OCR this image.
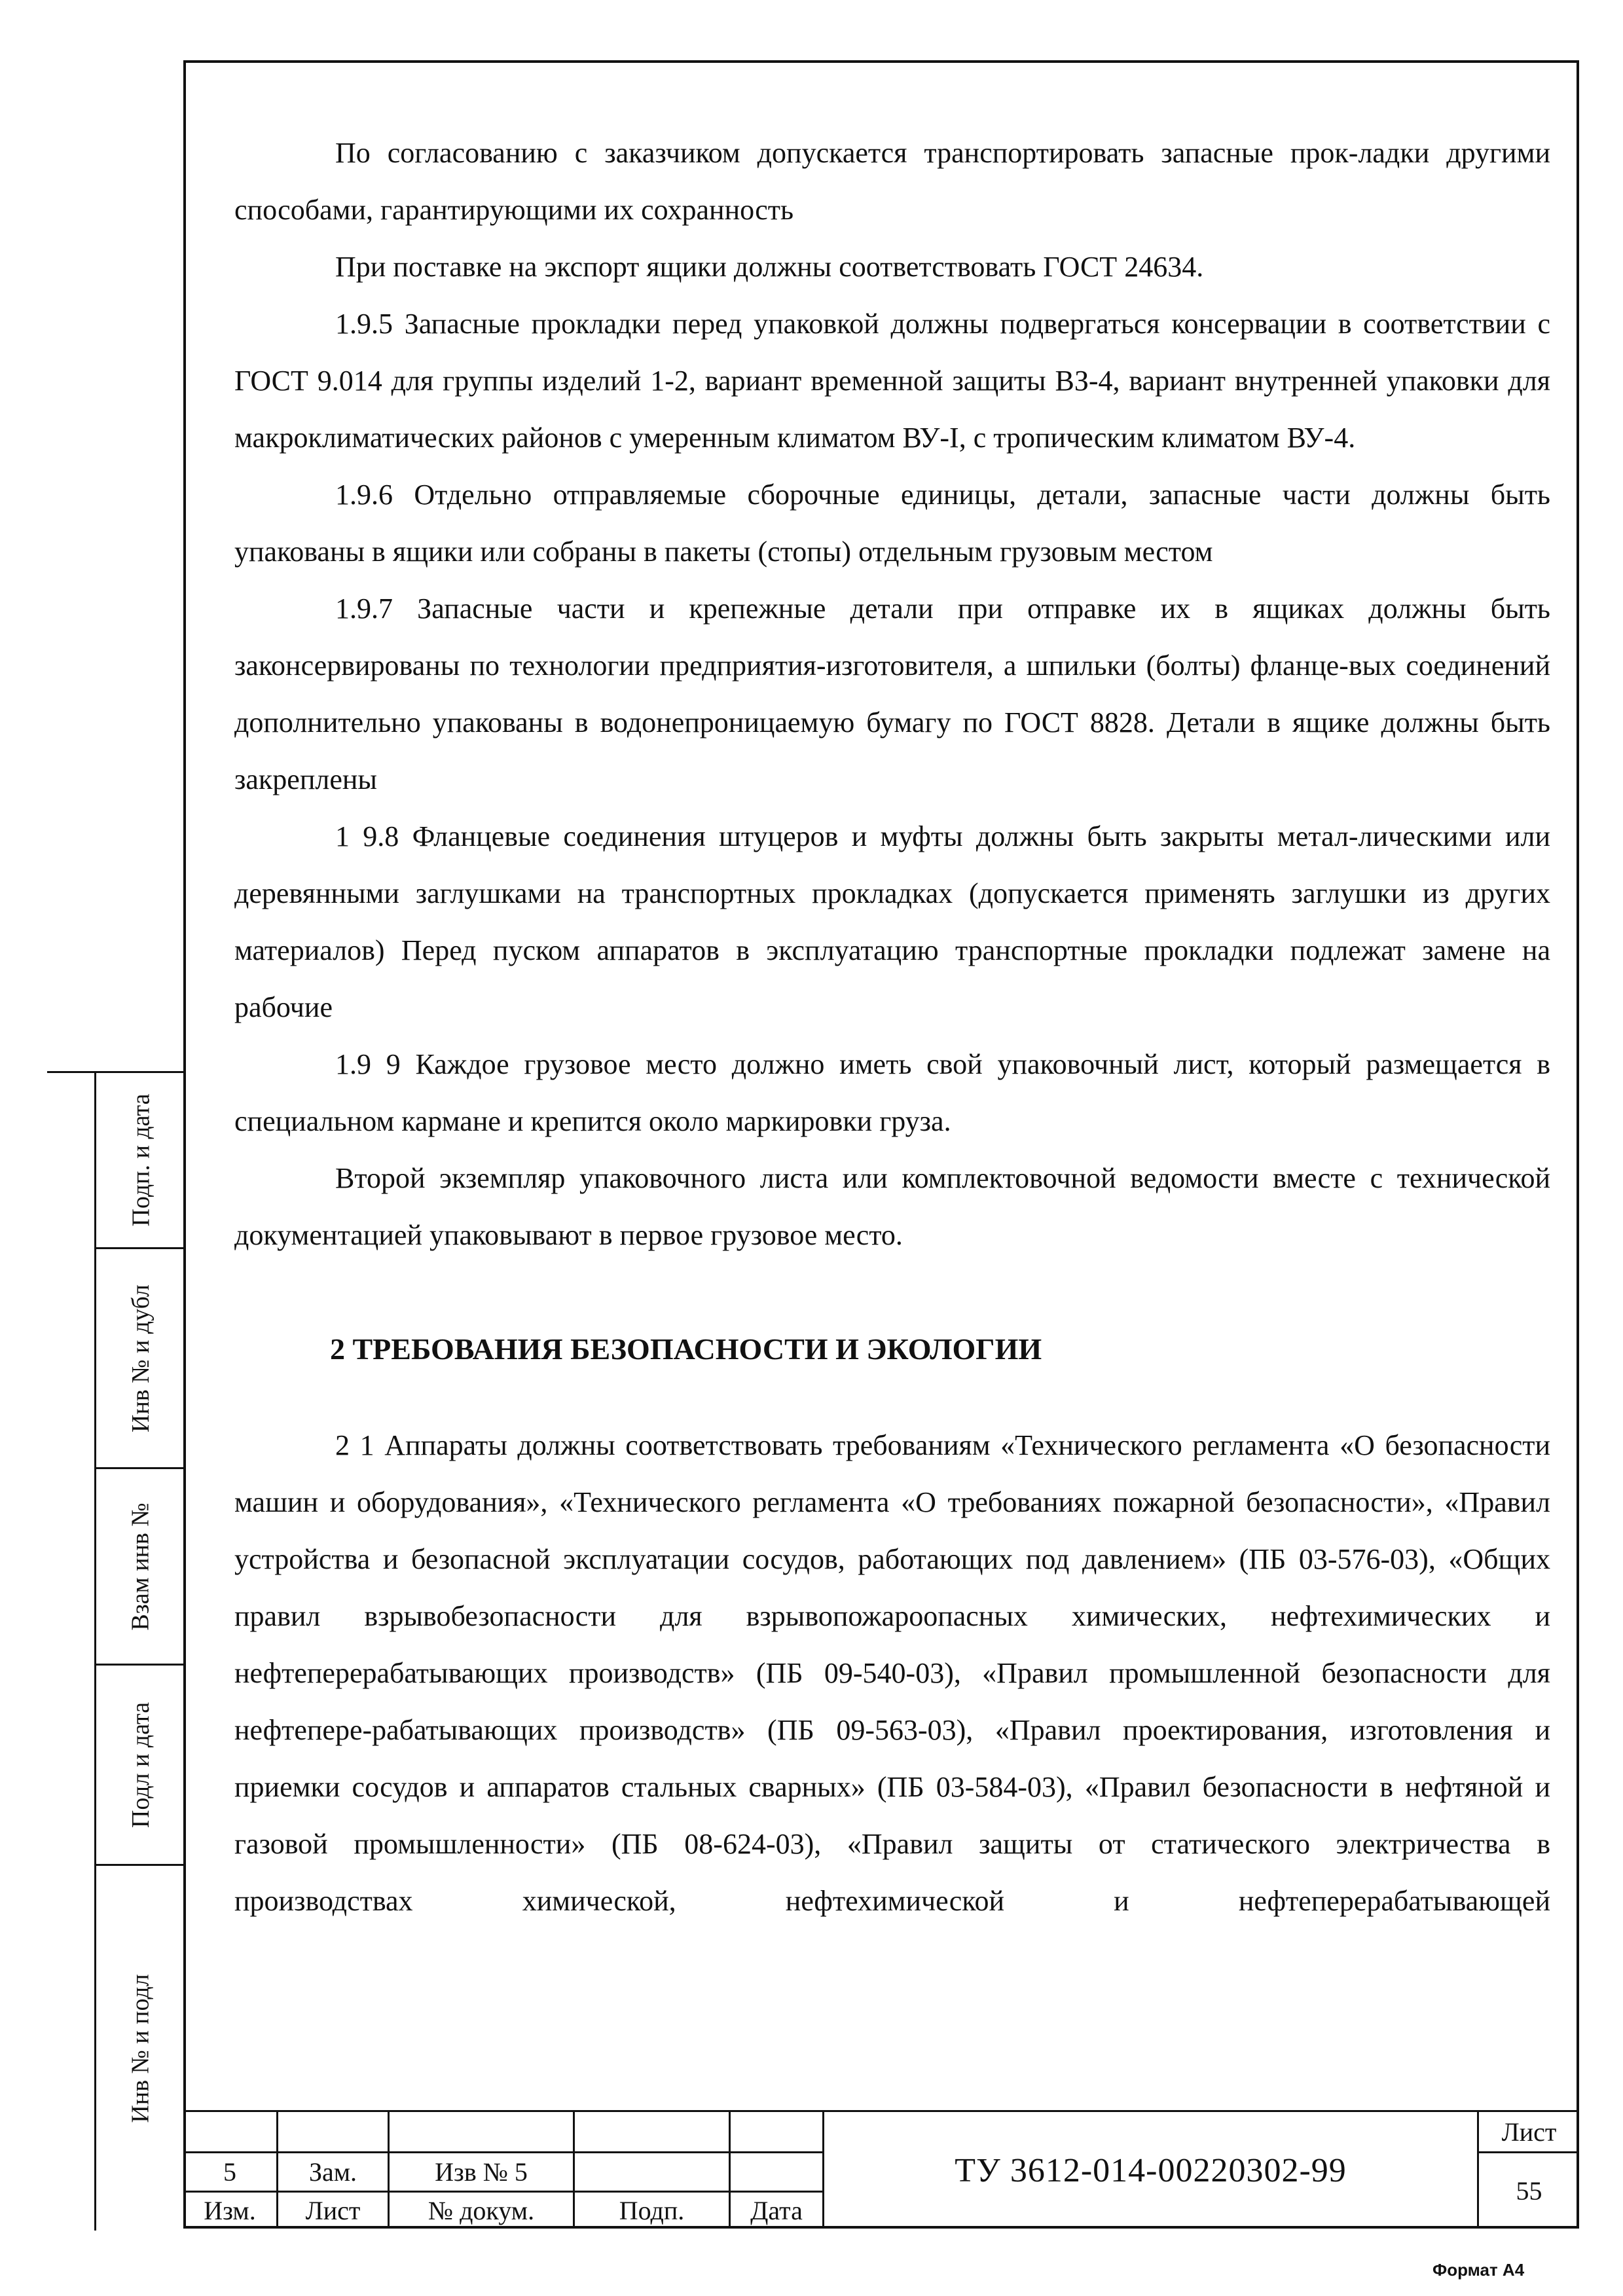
По согласованию с заказчиком допускается транспортировать запасные прок-ладки другими способами, гарантирующими их сохранность

При поставке на экспорт ящики должны соответствовать ГОСТ 24634.

1.9.5 Запасные прокладки перед упаковкой должны подвергаться консервации в соответствии с ГОСТ 9.014 для группы изделий 1-2, вариант временной защиты ВЗ-4, вариант внутренней упаковки для макроклиматических районов с умеренным климатом ВУ-I, с тропическим климатом ВУ-4.

1.9.6 Отдельно отправляемые сборочные единицы, детали, запасные части должны быть упакованы в ящики или собраны в пакеты (стопы) отдельным грузовым местом

1.9.7 Запасные части и крепежные детали при отправке их в ящиках должны быть законсервированы по технологии предприятия-изготовителя, а шпильки (болты) фланце-вых соединений дополнительно упакованы в водонепроницаемую бумагу по ГОСТ 8828. Детали в ящике должны быть закреплены

1 9.8 Фланцевые соединения штуцеров и муфты должны быть закрыты метал-лическими или деревянными заглушками на транспортных прокладках (допускается применять заглушки из других материалов) Перед пуском аппаратов в эксплуатацию транспортные прокладки подлежат замене на рабочие

1.9 9 Каждое грузовое место должно иметь свой упаковочный лист, который размещается в специальном кармане и крепится около маркировки груза.

Второй экземпляр упаковочного листа или комплектовочной ведомости вместе с технической документацией упаковывают в первое грузовое место.

2 ТРЕБОВАНИЯ БЕЗОПАСНОСТИ И ЭКОЛОГИИ

2 1 Аппараты должны соответствовать требованиям «Технического регламента «О безопасности машин и оборудования», «Технического регламента «О требованиях пожарной безопасности», «Правил устройства и безопасной эксплуатации сосудов, работающих под давлением» (ПБ 03-576-03), «Общих правил взрывобезопасности для взрывопожароопасных химических, нефтехимических и нефтеперерабатывающих производств» (ПБ 09-540-03), «Правил промышленной безопасности для нефтепере-рабатывающих производств» (ПБ 09-563-03), «Правил проектирования, изготовления и приемки сосудов и аппаратов стальных сварных» (ПБ 03-584-03), «Правил безопасности в нефтяной и газовой промышленности» (ПБ 08-624-03), «Правил защиты от статического электричества в производствах химической, нефтехимической и нефтеперерабатывающей

Подп. и дата
Инв № и дубл
Взам инв №
Подл и дата
Инв № и подл
5	Зам.	Изв № 5
Изм.	Лист	№ докум.	Подп.	Дата
ТУ 3612-014-00220302-99
Лист
55
Формат А4
